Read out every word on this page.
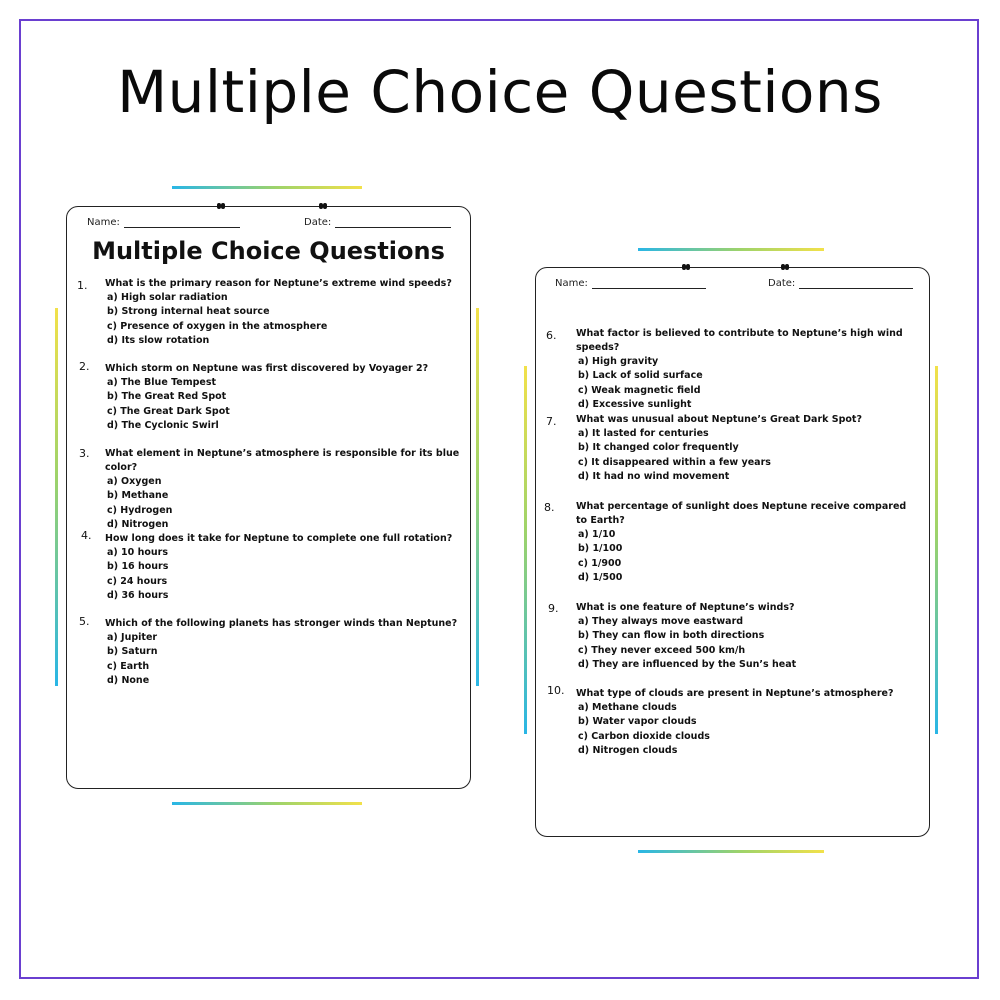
Multiple Choice Questions
Name:	Date:
Multiple Choice Questions
1. What is the primary reason for Neptune’s extreme wind speeds?
a) High solar radiation
b) Strong internal heat source
c) Presence of oxygen in the atmosphere
d) Its slow rotation
2. Which storm on Neptune was first discovered by Voyager 2?
a) The Blue Tempest
b) The Great Red Spot
c) The Great Dark Spot
d) The Cyclonic Swirl
3. What element in Neptune’s atmosphere is responsible for its blue color?
a) Oxygen
b) Methane
c) Hydrogen
d) Nitrogen
4. How long does it take for Neptune to complete one full rotation?
a) 10 hours
b) 16 hours
c) 24 hours
d) 36 hours
5. Which of the following planets has stronger winds than Neptune?
a) Jupiter
b) Saturn
c) Earth
d) None
Name:	Date:
6. What factor is believed to contribute to Neptune’s high wind speeds?
a) High gravity
b) Lack of solid surface
c) Weak magnetic field
d) Excessive sunlight
7. What was unusual about Neptune’s Great Dark Spot?
a) It lasted for centuries
b) It changed color frequently
c) It disappeared within a few years
d) It had no wind movement
8. What percentage of sunlight does Neptune receive compared to Earth?
a) 1/10
b) 1/100
c) 1/900
d) 1/500
9. What is one feature of Neptune’s winds?
a) They always move eastward
b) They can flow in both directions
c) They never exceed 500 km/h
d) They are influenced by the Sun’s heat
10. What type of clouds are present in Neptune’s atmosphere?
a) Methane clouds
b) Water vapor clouds
c) Carbon dioxide clouds
d) Nitrogen clouds
